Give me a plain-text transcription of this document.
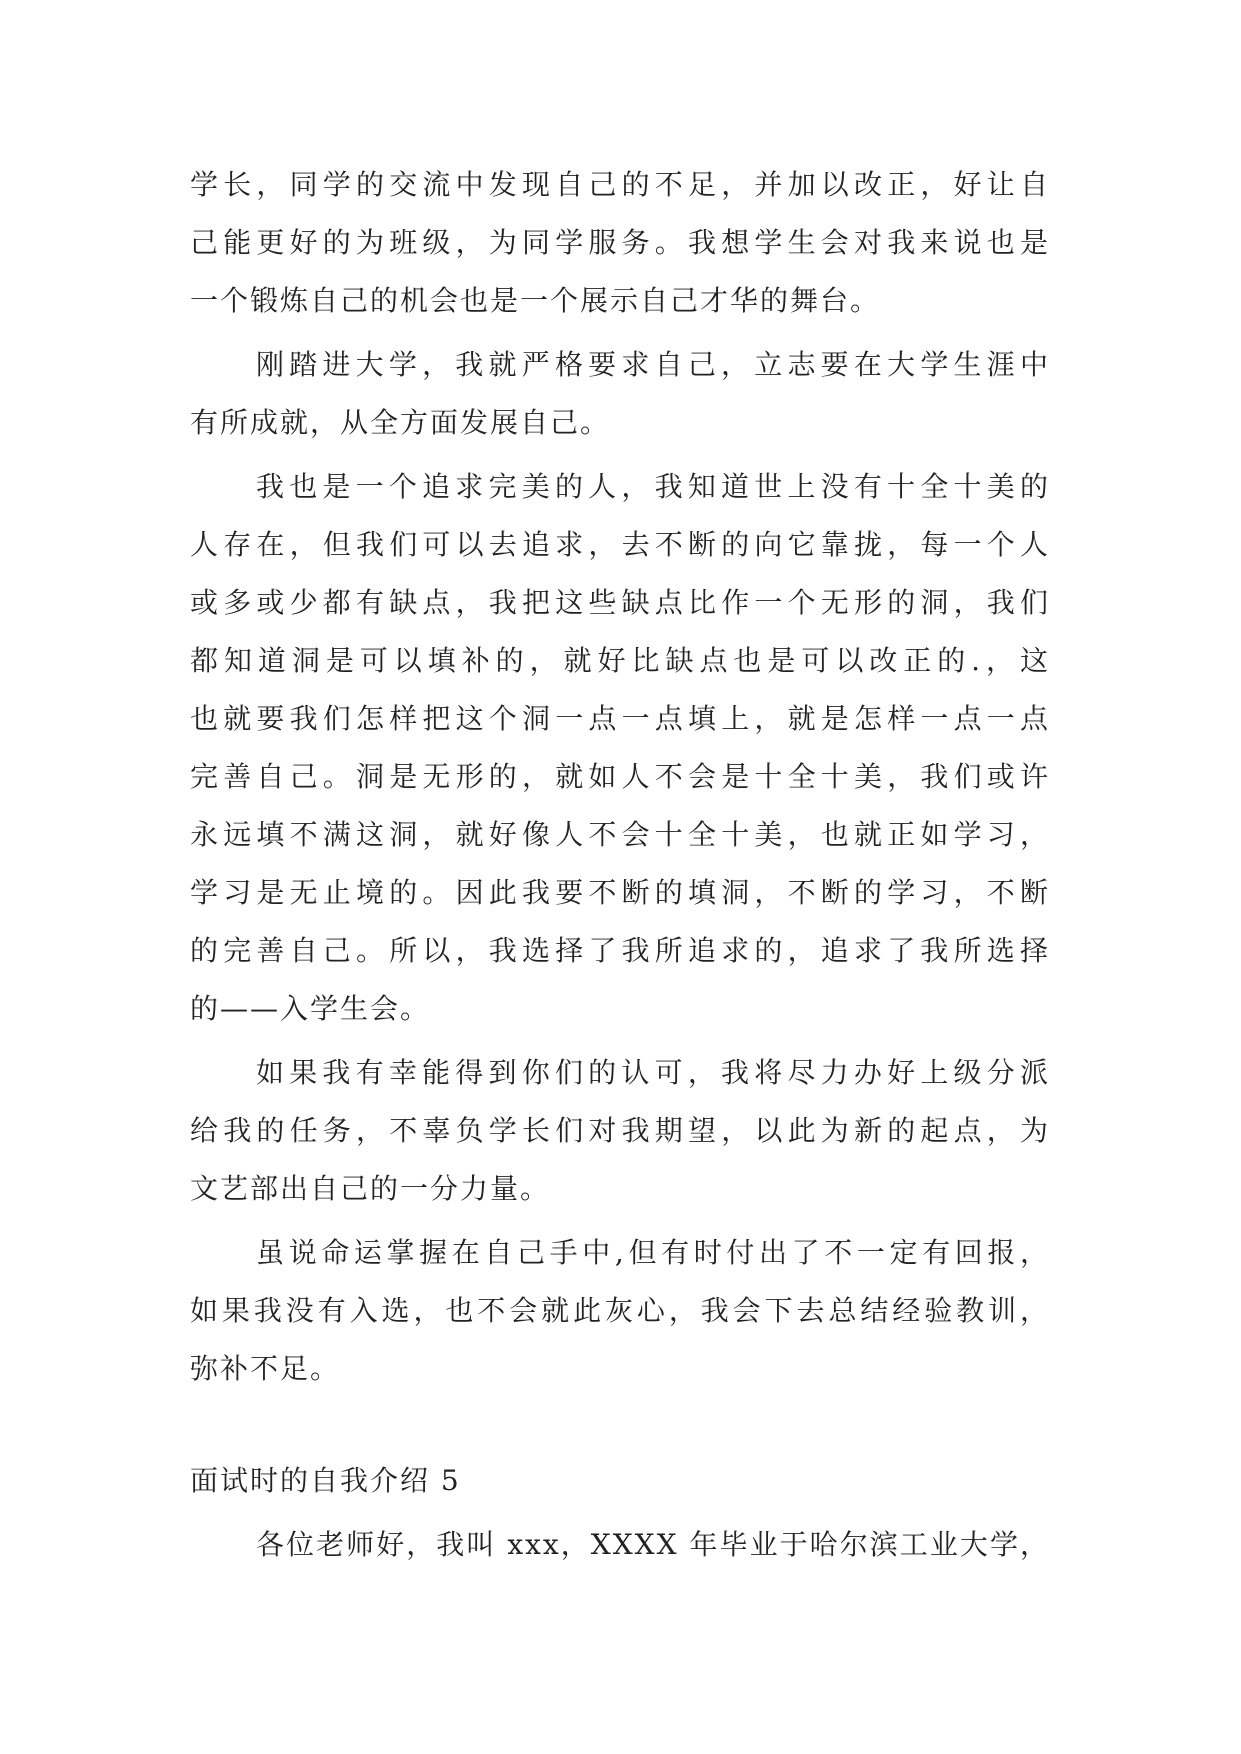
学长，同学的交流中发现自己的不足，并加以改正，好让自
己能更好的为班级，为同学服务。我想学生会对我来说也是
一个锻炼自己的机会也是一个展示自己才华的舞台。
刚踏进大学，我就严格要求自己，立志要在大学生涯中
有所成就，从全方面发展自己。
我也是一个追求完美的人，我知道世上没有十全十美的
人存在，但我们可以去追求，去不断的向它靠拢，每一个人
或多或少都有缺点，我把这些缺点比作一个无形的洞，我们
都知道洞是可以填补的，就好比缺点也是可以改正的.，这
也就要我们怎样把这个洞一点一点填上，就是怎样一点一点
完善自己。洞是无形的，就如人不会是十全十美，我们或许
永远填不满这洞，就好像人不会十全十美，也就正如学习，
学习是无止境的。因此我要不断的填洞，不断的学习，不断
的完善自己。所以，我选择了我所追求的，追求了我所选择
的——入学生会。
如果我有幸能得到你们的认可，我将尽力办好上级分派
给我的任务，不辜负学长们对我期望，以此为新的起点，为
文艺部出自己的一分力量。
虽说命运掌握在自己手中,但有时付出了不一定有回报，
如果我没有入选，也不会就此灰心，我会下去总结经验教训，
弥补不足。
面试时的自我介绍 5
各位老师好，我叫 xxx，XXXX 年毕业于哈尔滨工业大学，
